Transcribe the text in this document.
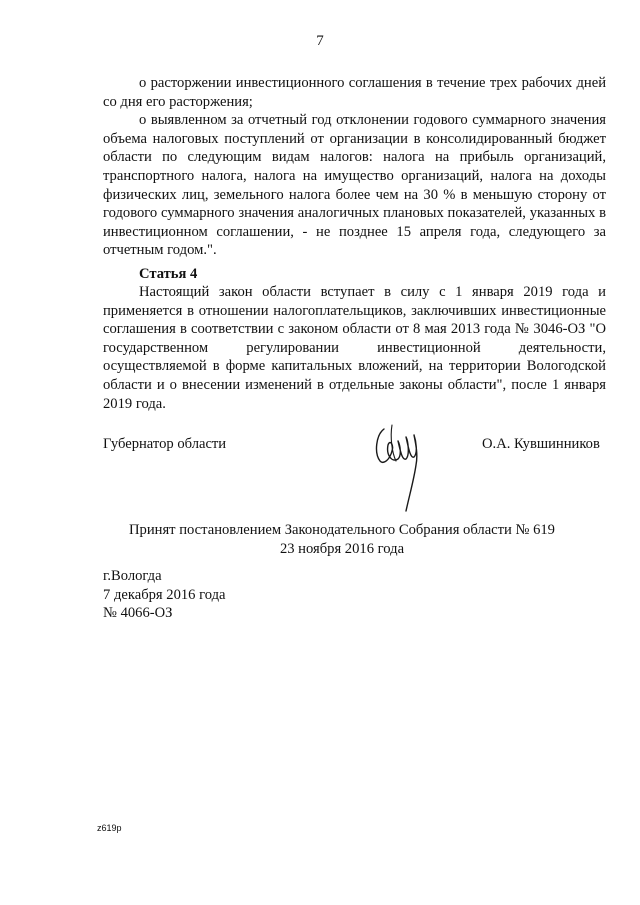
7

о расторжении инвестиционного соглашения в течение трех рабочих дней со дня его расторжения;

о выявленном за отчетный год отклонении годового суммарного значения объема налоговых поступлений от организации в консолидированный бюджет области по следующим видам налогов: налога на прибыль организаций, транспортного налога, налога на имущество организаций, налога на доходы физических лиц, земельного налога более чем на 30 % в меньшую сторону от годового суммарного значения аналогичных плановых показателей, указанных в инвестиционном соглашении, - не позднее 15 апреля года, следующего за отчетным годом.".

Статья 4

Настоящий закон области вступает в силу с 1 января 2019 года и применяется в отношении налогоплательщиков, заключивших инвестиционные соглашения в соответствии с законом области от 8 мая 2013 года № 3046-ОЗ "О государственном регулировании инвестиционной деятельности, осуществляемой в форме капитальных вложений, на территории Вологодской области и о внесении изменений в отдельные законы области", после 1 января 2019 года.

Губернатор области	О.А. Кувшинников
Принят постановлением Законодательного Собрания области № 619
23 ноября 2016 года
г.Вологда
7 декабря 2016 года
№ 4066-ОЗ
z619p
